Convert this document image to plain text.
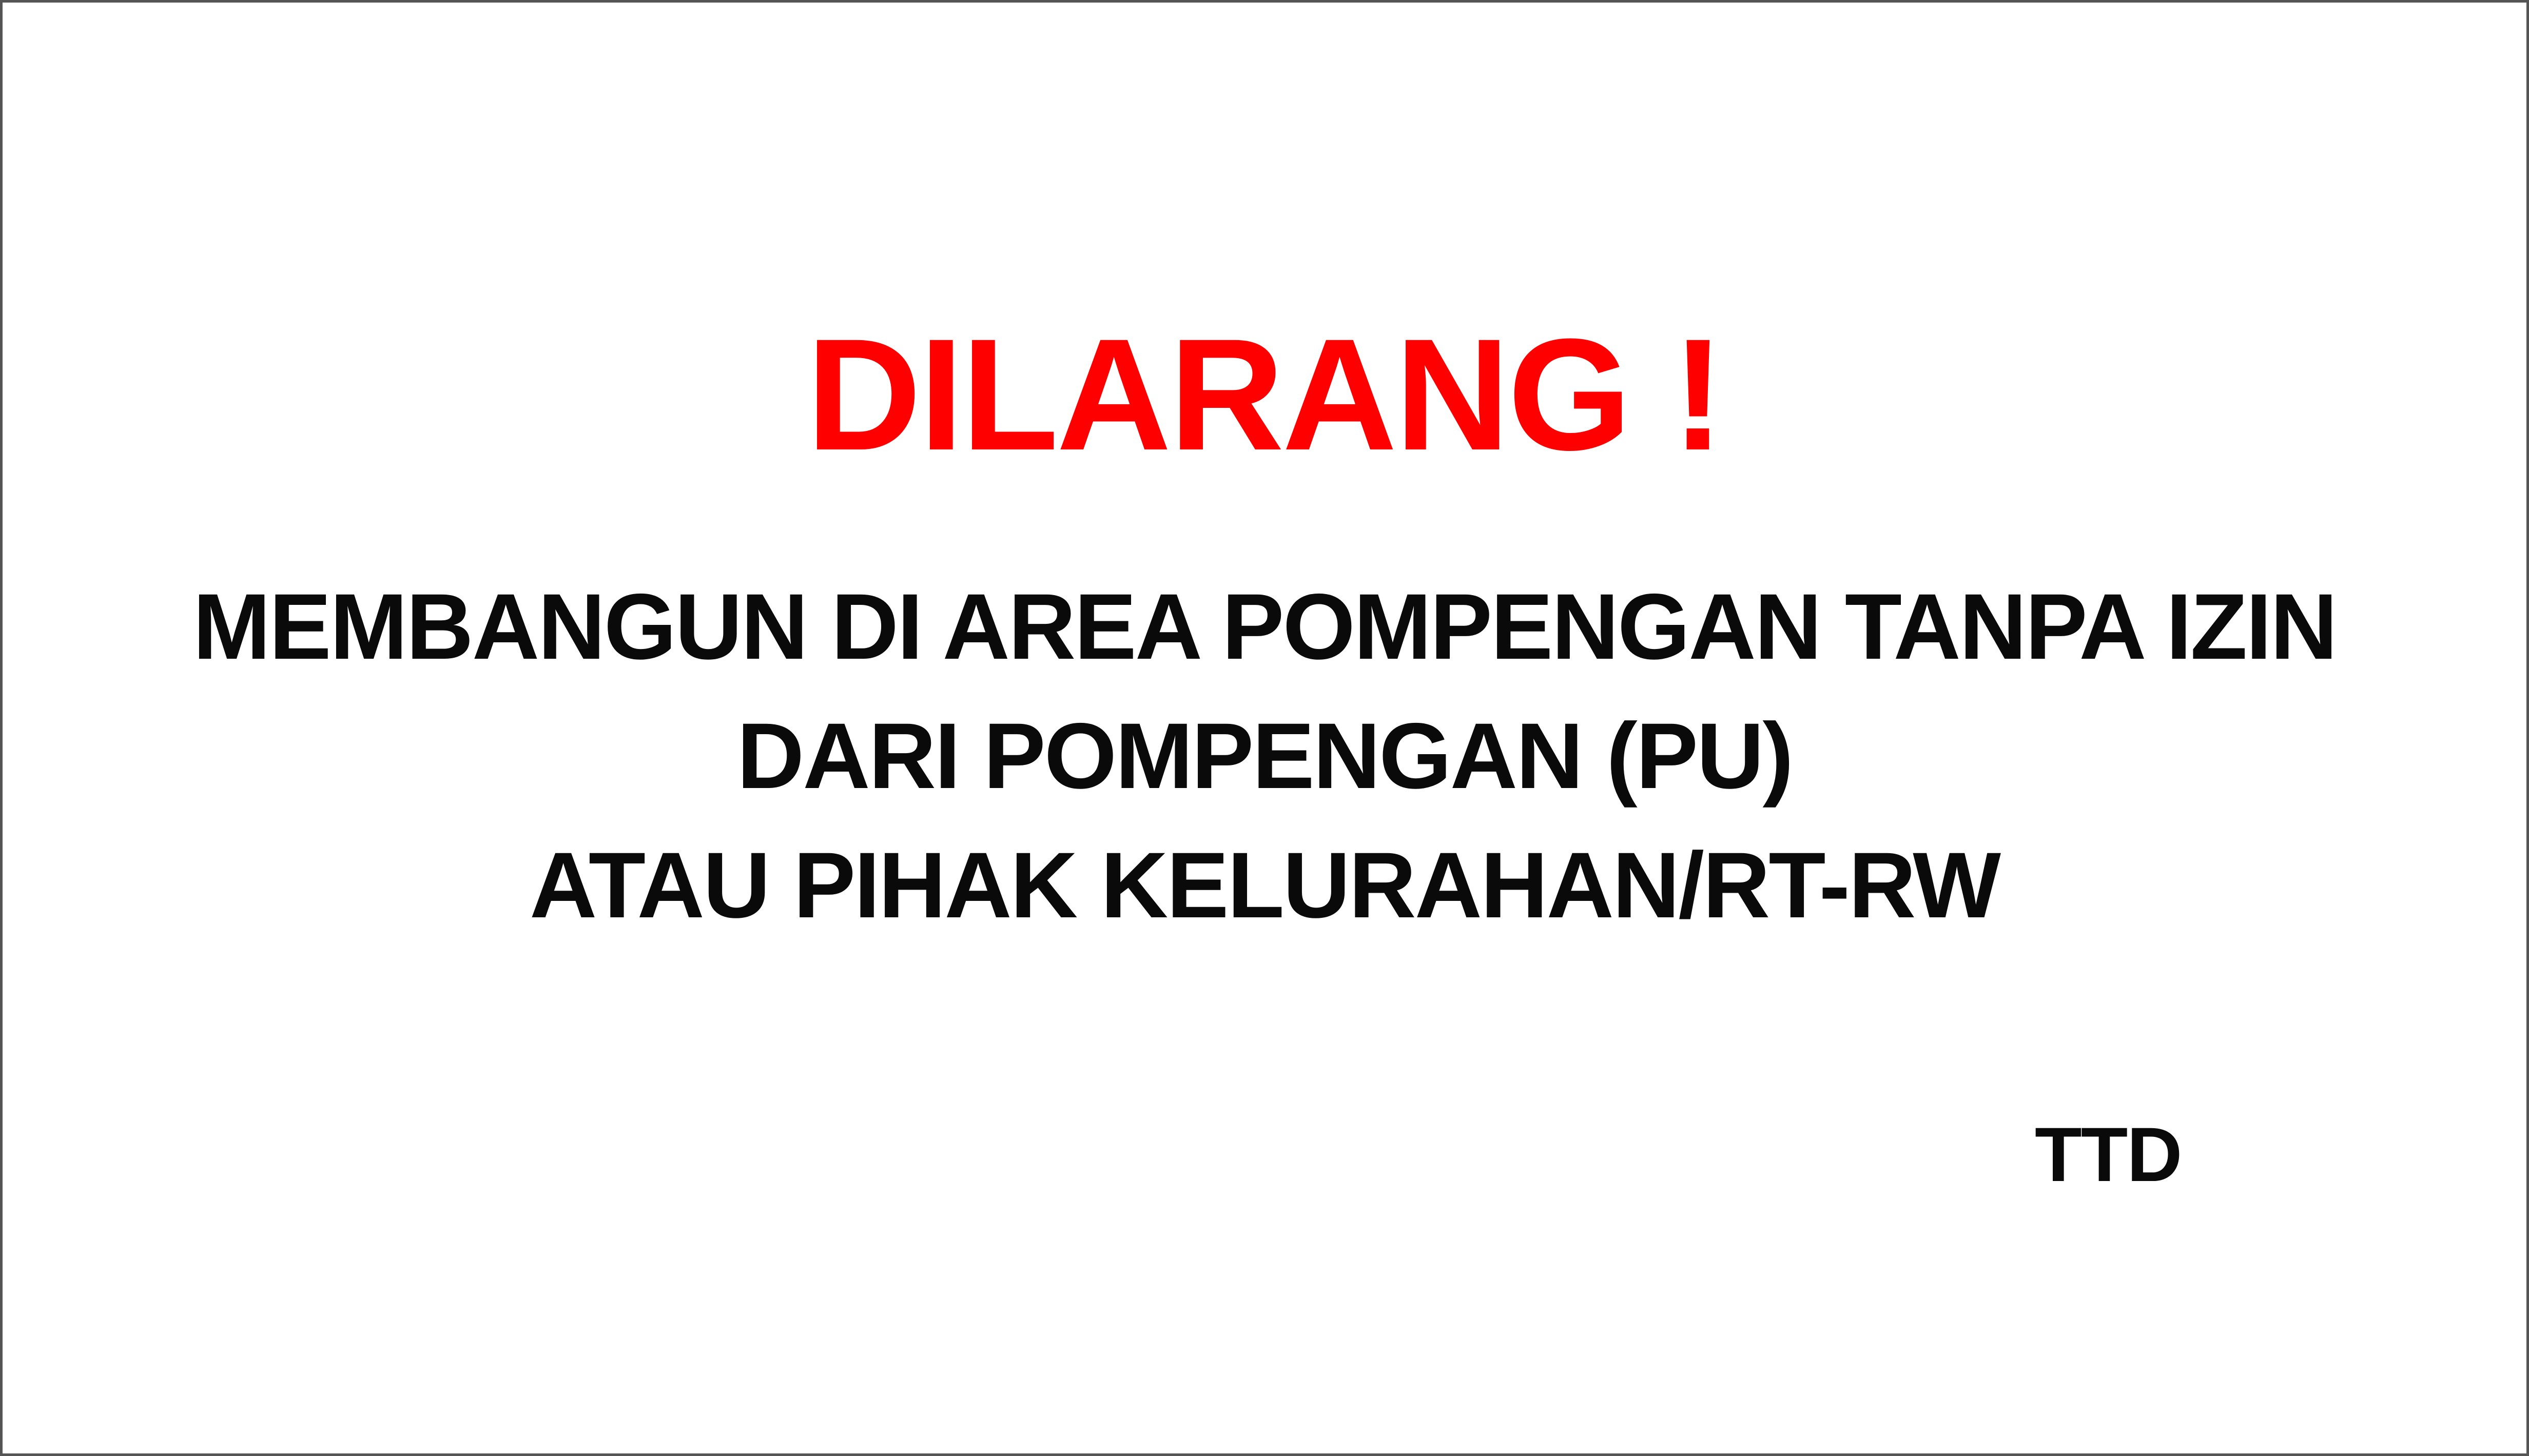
DILARANG !
MEMBANGUN DI AREA POMPENGAN TANPA IZIN
DARI POMPENGAN (PU)
ATAU PIHAK KELURAHAN/RT-RW
TTD
